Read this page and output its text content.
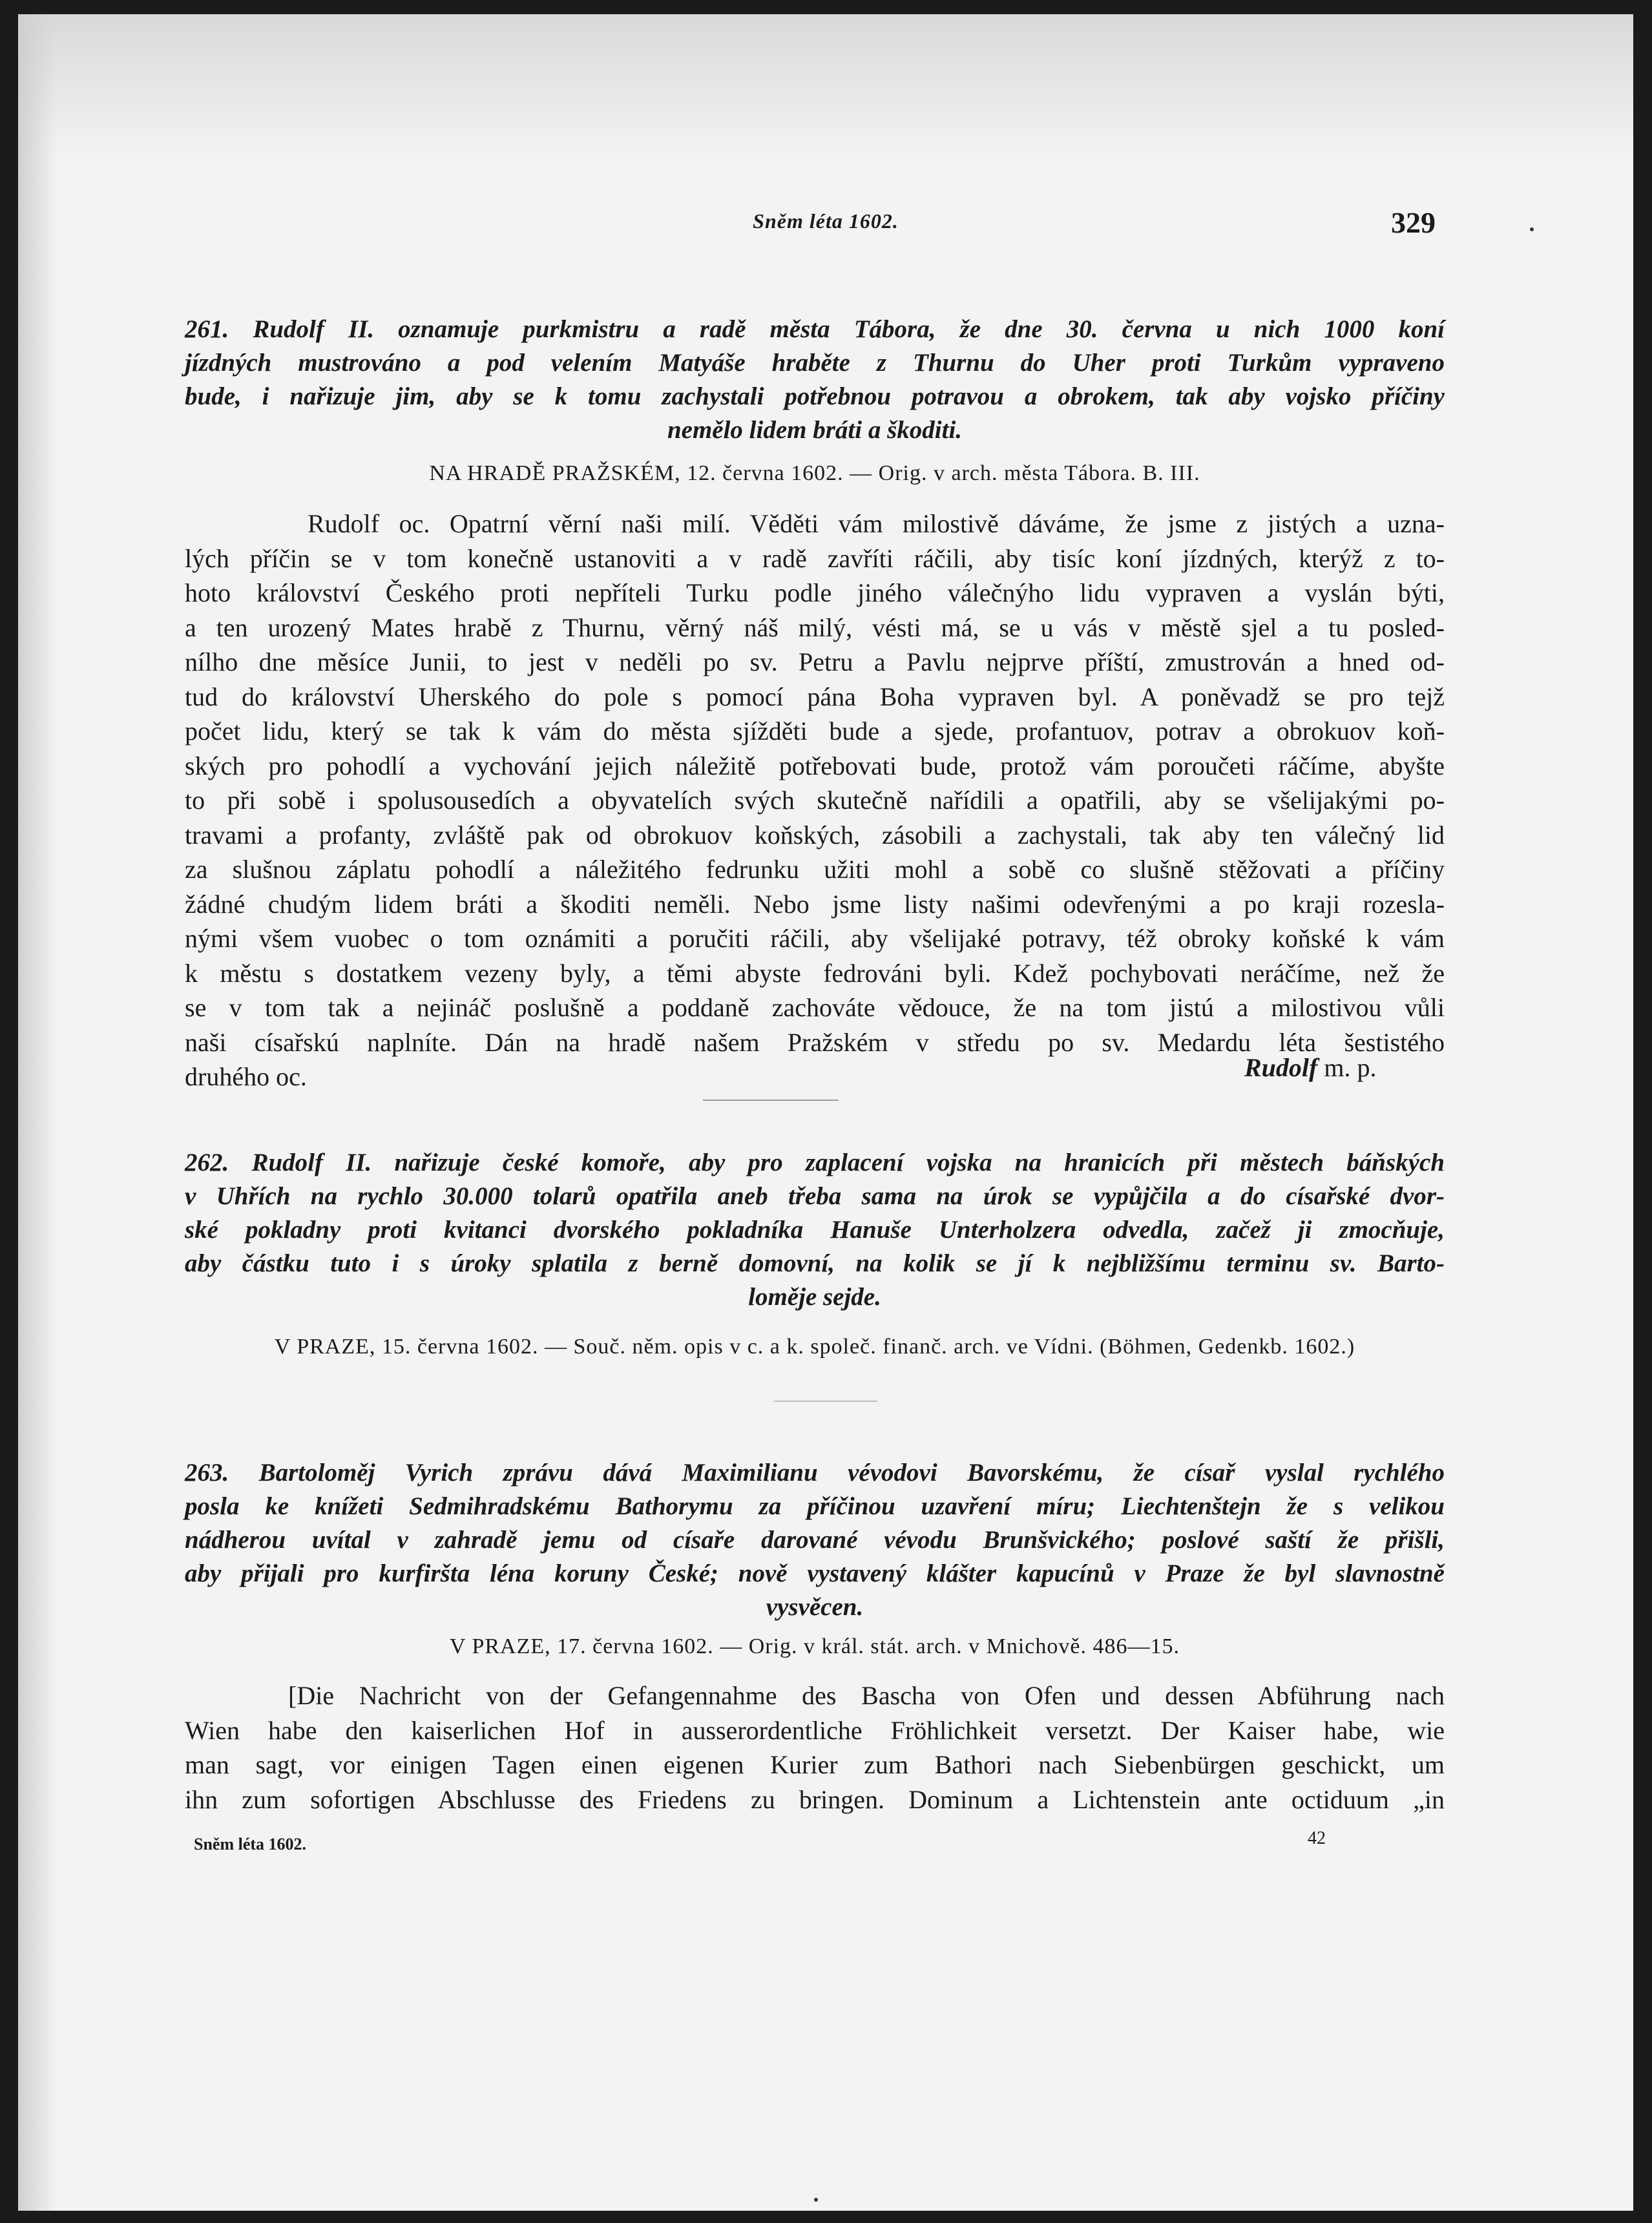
Sněm léta 1602.	329
261. Rudolf II. oznamuje purkmistru a radě města Tábora, že dne 30. června u nich 1000 koní
jízdných mustrováno a pod velením Matyáše hraběte z Thurnu do Uher proti Turkům vypraveno
bude, i nařizuje jim, aby se k tomu zachystali potřebnou potravou a obrokem, tak aby vojsko příčiny
nemělo lidem bráti a škoditi.
NA HRADĚ PRAŽSKÉM, 12. června 1602. — Orig. v arch. města Tábora. B. III.
Rudolf oc. Opatrní věrní naši milí. Věděti vám milostivě dáváme, že jsme z jistých a uzna-
lých příčin se v tom konečně ustanoviti a v radě zavříti ráčili, aby tisíc koní jízdných, kterýž z to-
hoto království Českého proti nepříteli Turku podle jiného válečnýho lidu vypraven a vyslán býti,
a ten urozený Mates hrabě z Thurnu, věrný náš milý, vésti má, se u vás v městě sjel a tu posled-
nílho dne měsíce Junii, to jest v neděli po sv. Petru a Pavlu nejprve příští, zmustrován a hned od-
tud do království Uherského do pole s pomocí pána Boha vypraven byl. A poněvadž se pro tejž
počet lidu, který se tak k vám do města sjížděti bude a sjede, profantuov, potrav a obrokuov koň-
ských pro pohodlí a vychování jejich náležitě potřebovati bude, protož vám poroučeti ráčíme, abyšte
to při sobě i spolusousedích a obyvatelích svých skutečně nařídili a opatřili, aby se všelijakými po-
travami a profanty, zvláště pak od obrokuov koňských, zásobili a zachystali, tak aby ten válečný lid
za slušnou záplatu pohodlí a náležitého fedrunku užiti mohl a sobě co slušně stěžovati a příčiny
žádné chudým lidem bráti a škoditi neměli. Nebo jsme listy našimi odevřenými a po kraji rozesla-
nými všem vuobec o tom oznámiti a poručiti ráčili, aby všelijaké potravy, též obroky koňské k vám
k městu s dostatkem vezeny byly, a těmi abyste fedrováni byli. Kdež pochybovati neráčíme, než že
se v tom tak a nejináč poslušně a poddaně zachováte vědouce, že na tom jistú a milostivou vůli
naši císařskú naplníte. Dán na hradě našem Pražském v středu po sv. Medardu léta šestistého
druhého oc.	Rudolf m. p.
262. Rudolf II. nařizuje české komoře, aby pro zaplacení vojska na hranicích při městech báňských
v Uhřích na rychlo 30.000 tolarů opatřila aneb třeba sama na úrok se vypůjčila a do císařské dvor-
ské pokladny proti kvitanci dvorského pokladníka Hanuše Unterholzera odvedla, začež ji zmocňuje,
aby částku tuto i s úroky splatila z berně domovní, na kolik se jí k nejbližšímu terminu sv. Barto-
loměje sejde.
V PRAZE, 15. června 1602. — Souč. něm. opis v c. a k. společ. finanč. arch. ve Vídni. (Böhmen, Gedenkb. 1602.)
263. Bartoloměj Vyrich zprávu dává Maximilianu vévodovi Bavorskému, že císař vyslal rychlého
posla ke knížeti Sedmihradskému Bathorymu za příčinou uzavření míru; Liechtenštejn že s velikou
nádherou uvítal v zahradě jemu od císaře darované vévodu Brunšvického; poslové saští že přišli,
aby přijali pro kurfiršta léna koruny České; nově vystavený klášter kapucínů v Praze že byl slavnostně
vysvěcen.
V PRAZE, 17. června 1602. — Orig. v král. stát. arch. v Mnichově. 486—15.
[Die Nachricht von der Gefangennahme des Bascha von Ofen und dessen Abführung nach
Wien habe den kaiserlichen Hof in ausserordentliche Fröhlichkeit versetzt. Der Kaiser habe, wie
man sagt, vor einigen Tagen einen eigenen Kurier zum Bathori nach Siebenbürgen geschickt, um
ihn zum sofortigen Abschlusse des Friedens zu bringen. Dominum a Lichtenstein ante octiduum „in
Sněm léta 1602.	42
